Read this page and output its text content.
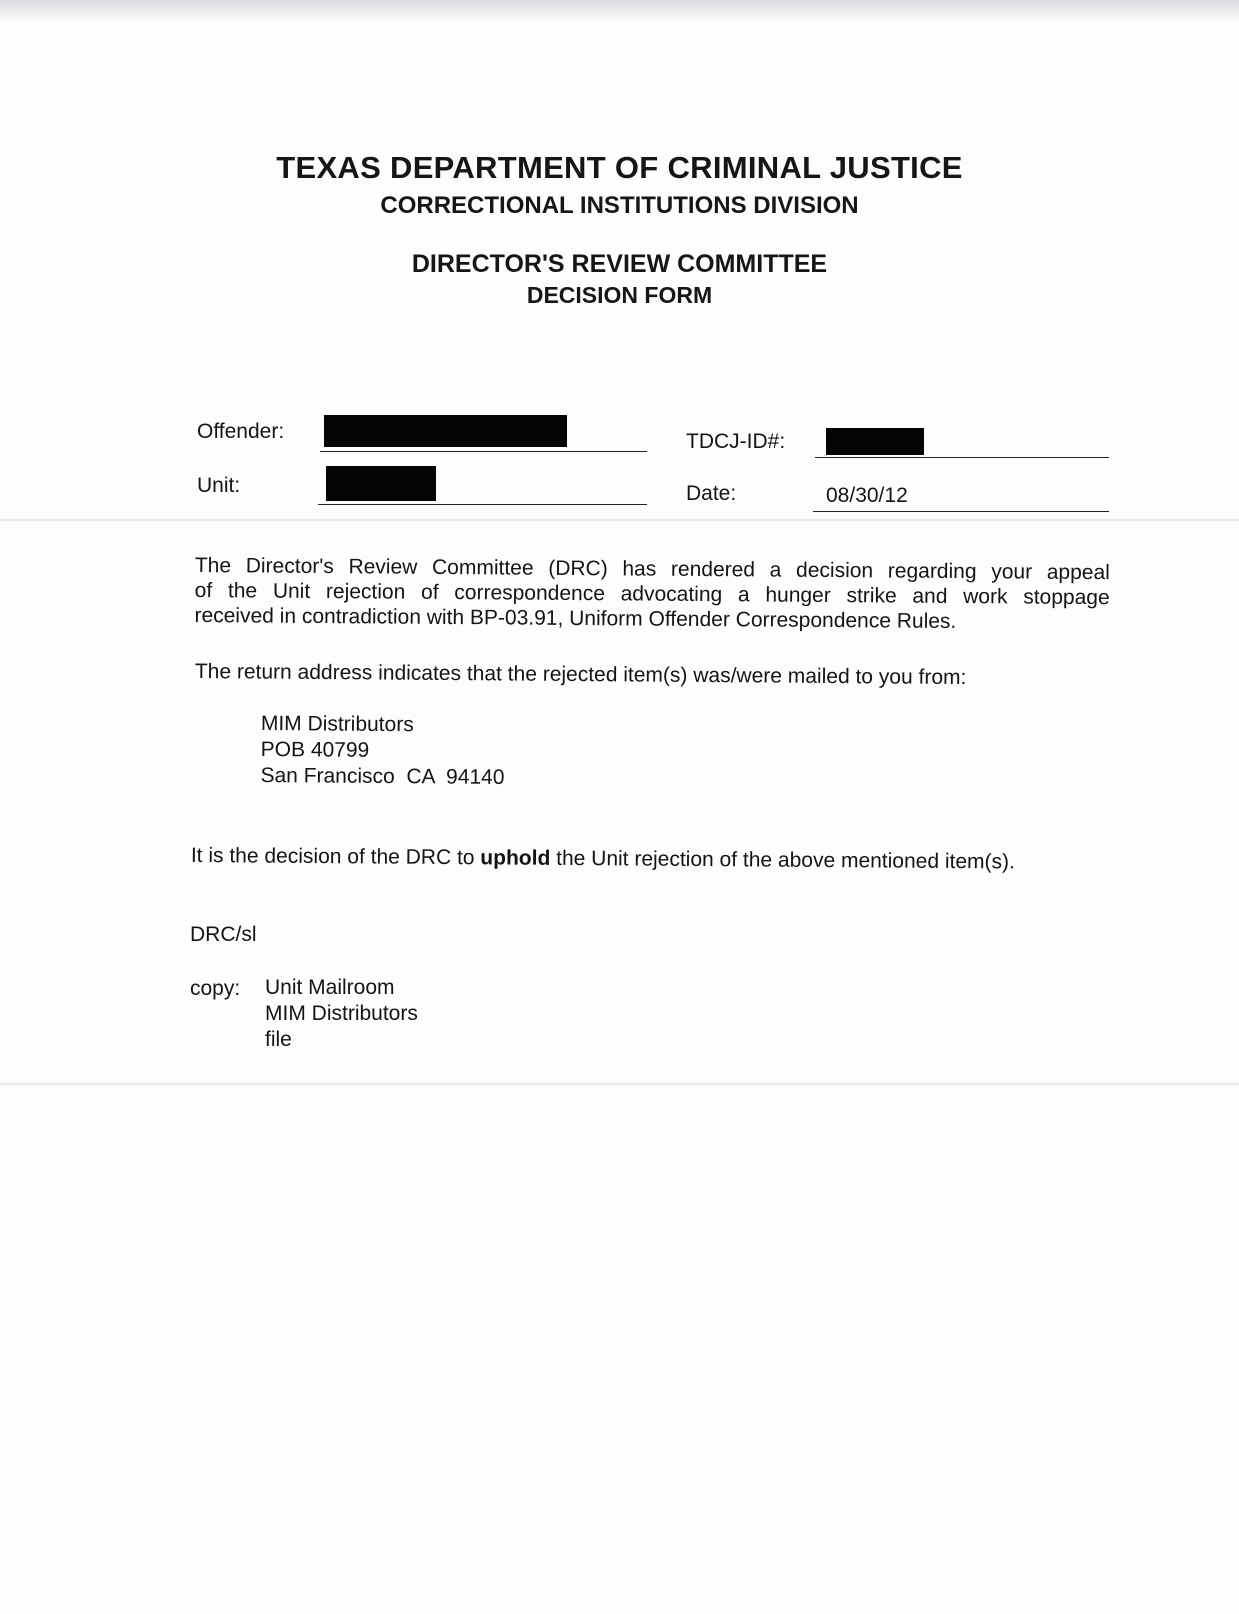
TEXAS DEPARTMENT OF CRIMINAL JUSTICE
CORRECTIONAL INSTITUTIONS DIVISION
DIRECTOR'S REVIEW COMMITTEE
DECISION FORM
Offender:	TDCJ-ID#:
Unit:	Date:	08/30/12
The Director's Review Committee (DRC) has rendered a decision regarding your appeal
of the Unit rejection of correspondence advocating a hunger strike and work stoppage
received in contradiction with BP-03.91, Uniform Offender Correspondence Rules.
The return address indicates that the rejected item(s) was/were mailed to you from:
MIM Distributors
POB 40799
San Francisco  CA  94140
It is the decision of the DRC to uphold the Unit rejection of the above mentioned item(s).
DRC/sl
copy: Unit Mailroom
MIM Distributors
file
